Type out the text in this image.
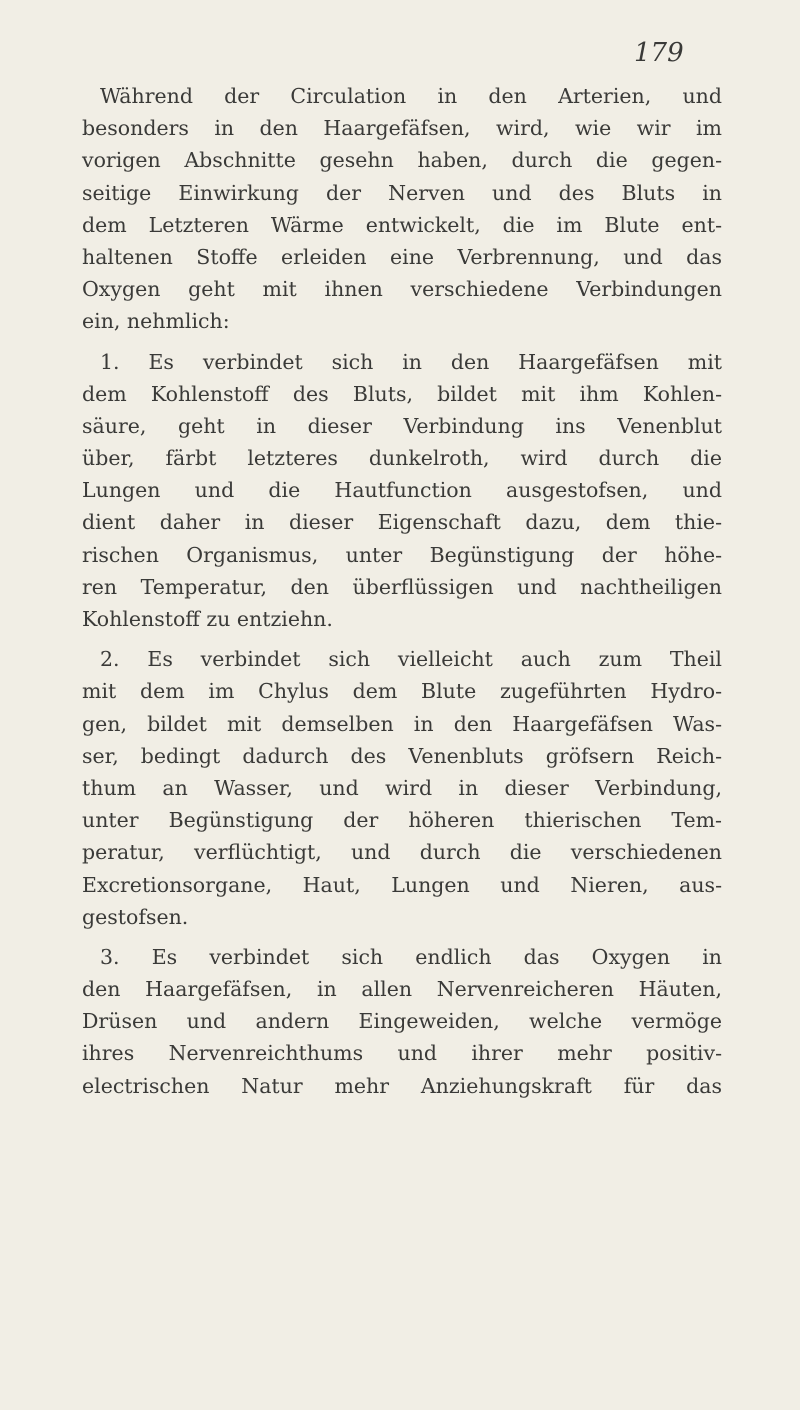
179
Während der Circulation in den Arterien, und
besonders in den Haargefäfsen, wird, wie wir im
vorigen Abschnitte gesehn haben, durch die gegen-
seitige Einwirkung der Nerven und des Bluts in
dem Letzteren Wärme entwickelt, die im Blute ent-
haltenen Stoffe erleiden eine Verbrennung, und das
Oxygen geht mit ihnen verschiedene Verbindungen
ein, nehmlich:
1. Es verbindet sich in den Haargefäfsen mit
dem Kohlenstoff des Bluts, bildet mit ihm Kohlen-
säure, geht in dieser Verbindung ins Venenblut
über, färbt letzteres dunkelroth, wird durch die
Lungen und die Hautfunction ausgestofsen, und
dient daher in dieser Eigenschaft dazu, dem thie-
rischen Organismus, unter Begünstigung der höhe-
ren Temperatur, den überflüssigen und nachtheiligen
Kohlenstoff zu entziehn.
2. Es verbindet sich vielleicht auch zum Theil
mit dem im Chylus dem Blute zugeführten Hydro-
gen, bildet mit demselben in den Haargefäfsen Was-
ser, bedingt dadurch des Venenbluts gröfsern Reich-
thum an Wasser, und wird in dieser Verbindung,
unter Begünstigung der höheren thierischen Tem-
peratur, verflüchtigt, und durch die verschiedenen
Excretionsorgane, Haut, Lungen und Nieren, aus-
gestofsen.
3. Es verbindet sich endlich das Oxygen in
den Haargefäfsen, in allen Nervenreicheren Häuten,
Drüsen und andern Eingeweiden, welche vermöge
ihres Nervenreichthums und ihrer mehr positiv-
electrischen Natur mehr Anziehungskraft für das
